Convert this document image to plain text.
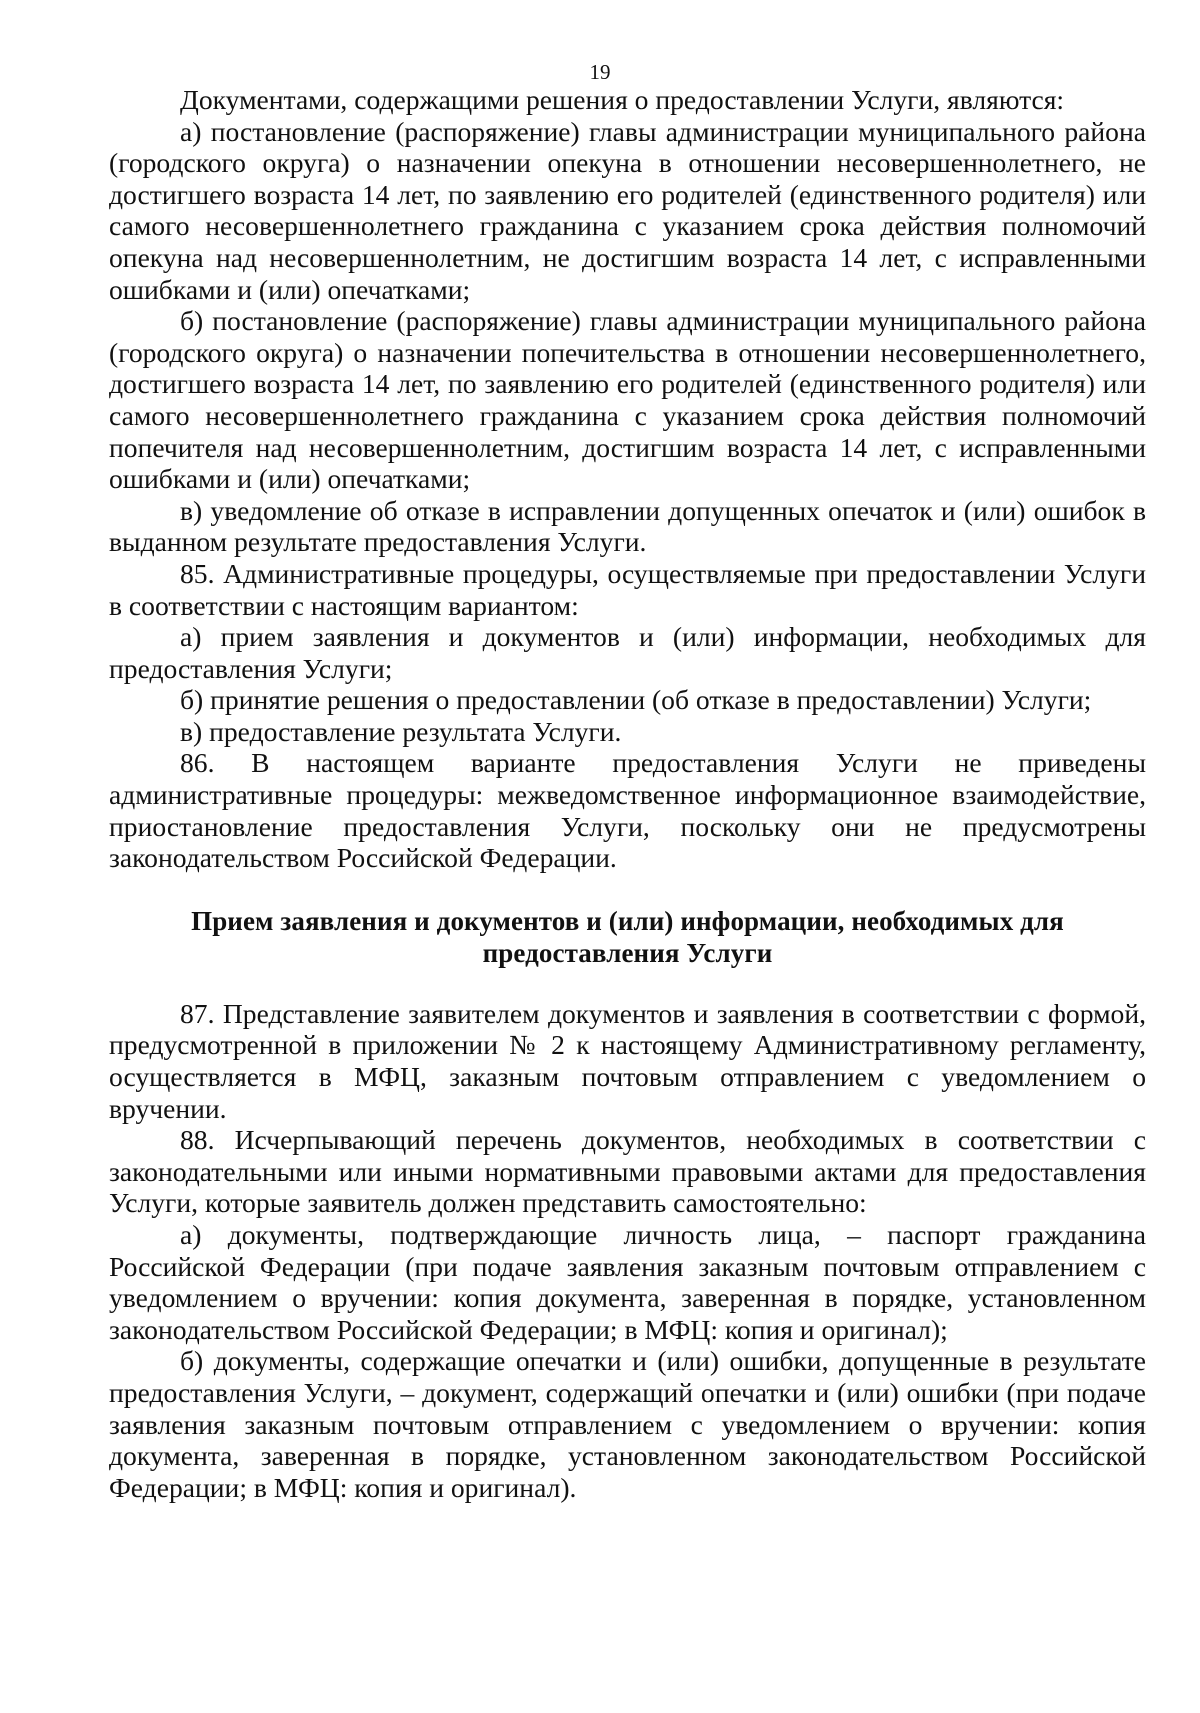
19

Документами, содержащими решения о предоставлении Услуги, являются:

а) постановление (распоряжение) главы администрации муниципального района (городского округа) о назначении опекуна в отношении несовершеннолетнего, не достигшего возраста 14 лет, по заявлению его родителей (единственного родителя) или самого несовершеннолетнего гражданина с указанием срока действия полномочий опекуна над несовершеннолетним, не достигшим возраста 14 лет, с исправленными ошибками и (или) опечатками;

б) постановление (распоряжение) главы администрации муниципального района (городского округа) о назначении попечительства в отношении несовершеннолетнего, достигшего возраста 14 лет, по заявлению его родителей (единственного родителя) или самого несовершеннолетнего гражданина с указанием срока действия полномочий попечителя над несовершеннолетним, достигшим возраста 14 лет, с исправленными ошибками и (или) опечатками;

в) уведомление об отказе в исправлении допущенных опечаток и (или) ошибок в выданном результате предоставления Услуги.

85. Административные процедуры, осуществляемые при предоставлении Услуги в соответствии с настоящим вариантом:

а) прием заявления и документов и (или) информации, необходимых для предоставления Услуги;

б) принятие решения о предоставлении (об отказе в предоставлении) Услуги;

в) предоставление результата Услуги.

86. В настоящем варианте предоставления Услуги не приведены административные процедуры: межведомственное информационное взаимодействие, приостановление предоставления Услуги, поскольку они не предусмотрены законодательством Российской Федерации.

Прием заявления и документов и (или) информации, необходимых для
предоставления Услуги

87. Представление заявителем документов и заявления в соответствии с формой, предусмотренной в приложении № 2 к настоящему Административному регламенту, осуществляется в МФЦ, заказным почтовым отправлением с уведомлением о вручении.

88. Исчерпывающий перечень документов, необходимых в соответствии с законодательными или иными нормативными правовыми актами для предоставления Услуги, которые заявитель должен представить самостоятельно:

а) документы, подтверждающие личность лица, – паспорт гражданина Российской Федерации (при подаче заявления заказным почтовым отправлением с уведомлением о вручении: копия документа, заверенная в порядке, установленном законодательством Российской Федерации; в МФЦ: копия и оригинал);

б) документы, содержащие опечатки и (или) ошибки, допущенные в результате предоставления Услуги, – документ, содержащий опечатки и (или) ошибки (при подаче заявления заказным почтовым отправлением с уведомлением о вручении: копия документа, заверенная в порядке, установленном законодательством Российской Федерации; в МФЦ: копия и оригинал).
